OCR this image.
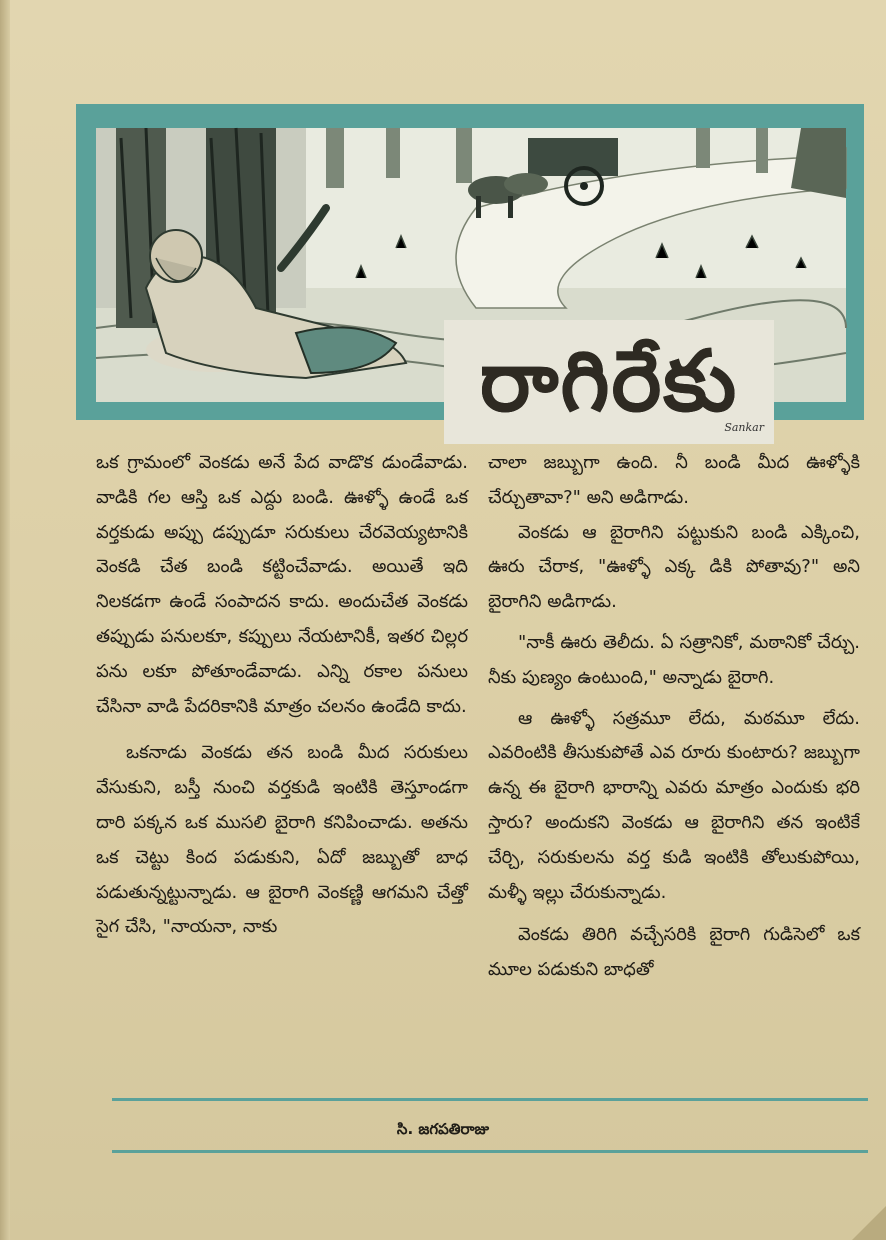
రాగిరేకు
Sankar

ఒక గ్రామంలో వెంకడు అనే పేద వాడొక డుండేవాడు. వాడికి గల ఆస్తి ఒక ఎద్దు బండి. ఊళ్ళో ఉండే ఒక వర్తకుడు అప్పు డప్పుడూ సరుకులు చేరవెయ్యటానికి వెంకడి చేత బండి కట్టించేవాడు. అయితే ఇది నిలకడగా ఉండే సంపాదన కాదు. అందుచేత వెంకడు తప్పుడు పనులకూ, కప్పులు నేయటానికీ, ఇతర చిల్లర పను లకూ పోతూండేవాడు. ఎన్ని రకాల పనులు చేసినా వాడి పేదరికానికి మాత్రం చలనం ఉండేది కాదు.

ఒకనాడు వెంకడు తన బండి మీద సరుకులు వేసుకుని, బస్తీ నుంచి వర్తకుడి ఇంటికి తెస్తూండగా దారి పక్కన ఒక ముసలి బైరాగి కనిపించాడు. అతను ఒక చెట్టు కింద పడుకుని, ఏదో జబ్బుతో బాధ పడుతున్నట్టున్నాడు. ఆ బైరాగి వెంకణ్ణి ఆగమని చేత్తో సైగ చేసి, "నాయనా, నాకు

చాలా జబ్బుగా ఉంది. నీ బండి మీద ఊళ్ళోకి చేర్చుతావా?" అని అడిగాడు.

వెంకడు ఆ బైరాగిని పట్టుకుని బండి ఎక్కించి, ఊరు చేరాక, "ఊళ్ళో ఎక్క డికి పోతావు?" అని బైరాగిని అడిగాడు.

"నాకీ ఊరు తెలీదు. ఏ సత్రానికో, మఠానికో చేర్చు. నీకు పుణ్యం ఉంటుంది," అన్నాడు బైరాగి.

ఆ ఊళ్ళో సత్రమూ లేదు, మఠమూ లేదు. ఎవరింటికి తీసుకుపోతే ఎవ రూరు కుంటారు? జబ్బుగా ఉన్న ఈ బైరాగి భారాన్ని ఎవరు మాత్రం ఎందుకు భరి స్తారు? అందుకని వెంకడు ఆ బైరాగిని తన ఇంటికే చేర్చి, సరుకులను వర్త కుడి ఇంటికి తోలుకుపోయి, మళ్ళీ ఇల్లు చేరుకున్నాడు.

వెంకడు తిరిగి వచ్చేసరికి బైరాగి గుడిసెలో ఒక మూల పడుకుని బాధతో

సి. జగపతిరాజు
